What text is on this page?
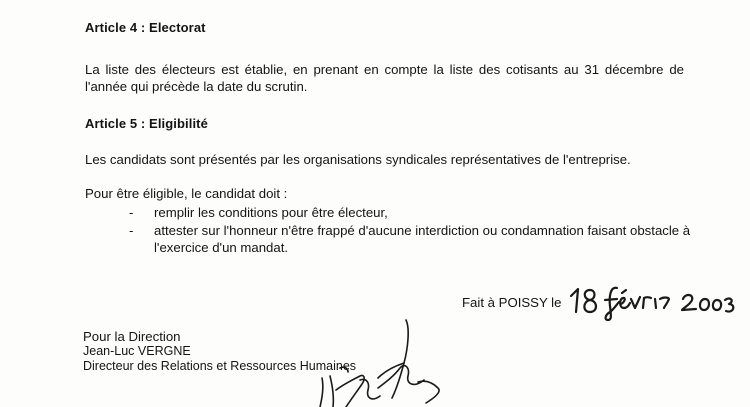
Article 4 : Electorat

La liste des électeurs est établie, en prenant en compte la liste des cotisants au 31 décembre de l'année qui précède la date du scrutin.

Article 5 : Eligibilité

Les candidats sont présentés par les organisations syndicales représentatives de l'entreprise.

Pour être éligible, le candidat doit :

- remplir les conditions pour être électeur,
- attester sur l'honneur n'être frappé d'aucune interdiction ou condamnation faisant obstacle à l'exercice d'un mandat.
Fait à POISSY le
Pour la Direction
Jean-Luc VERGNE
Directeur des Relations et Ressources Humaines
